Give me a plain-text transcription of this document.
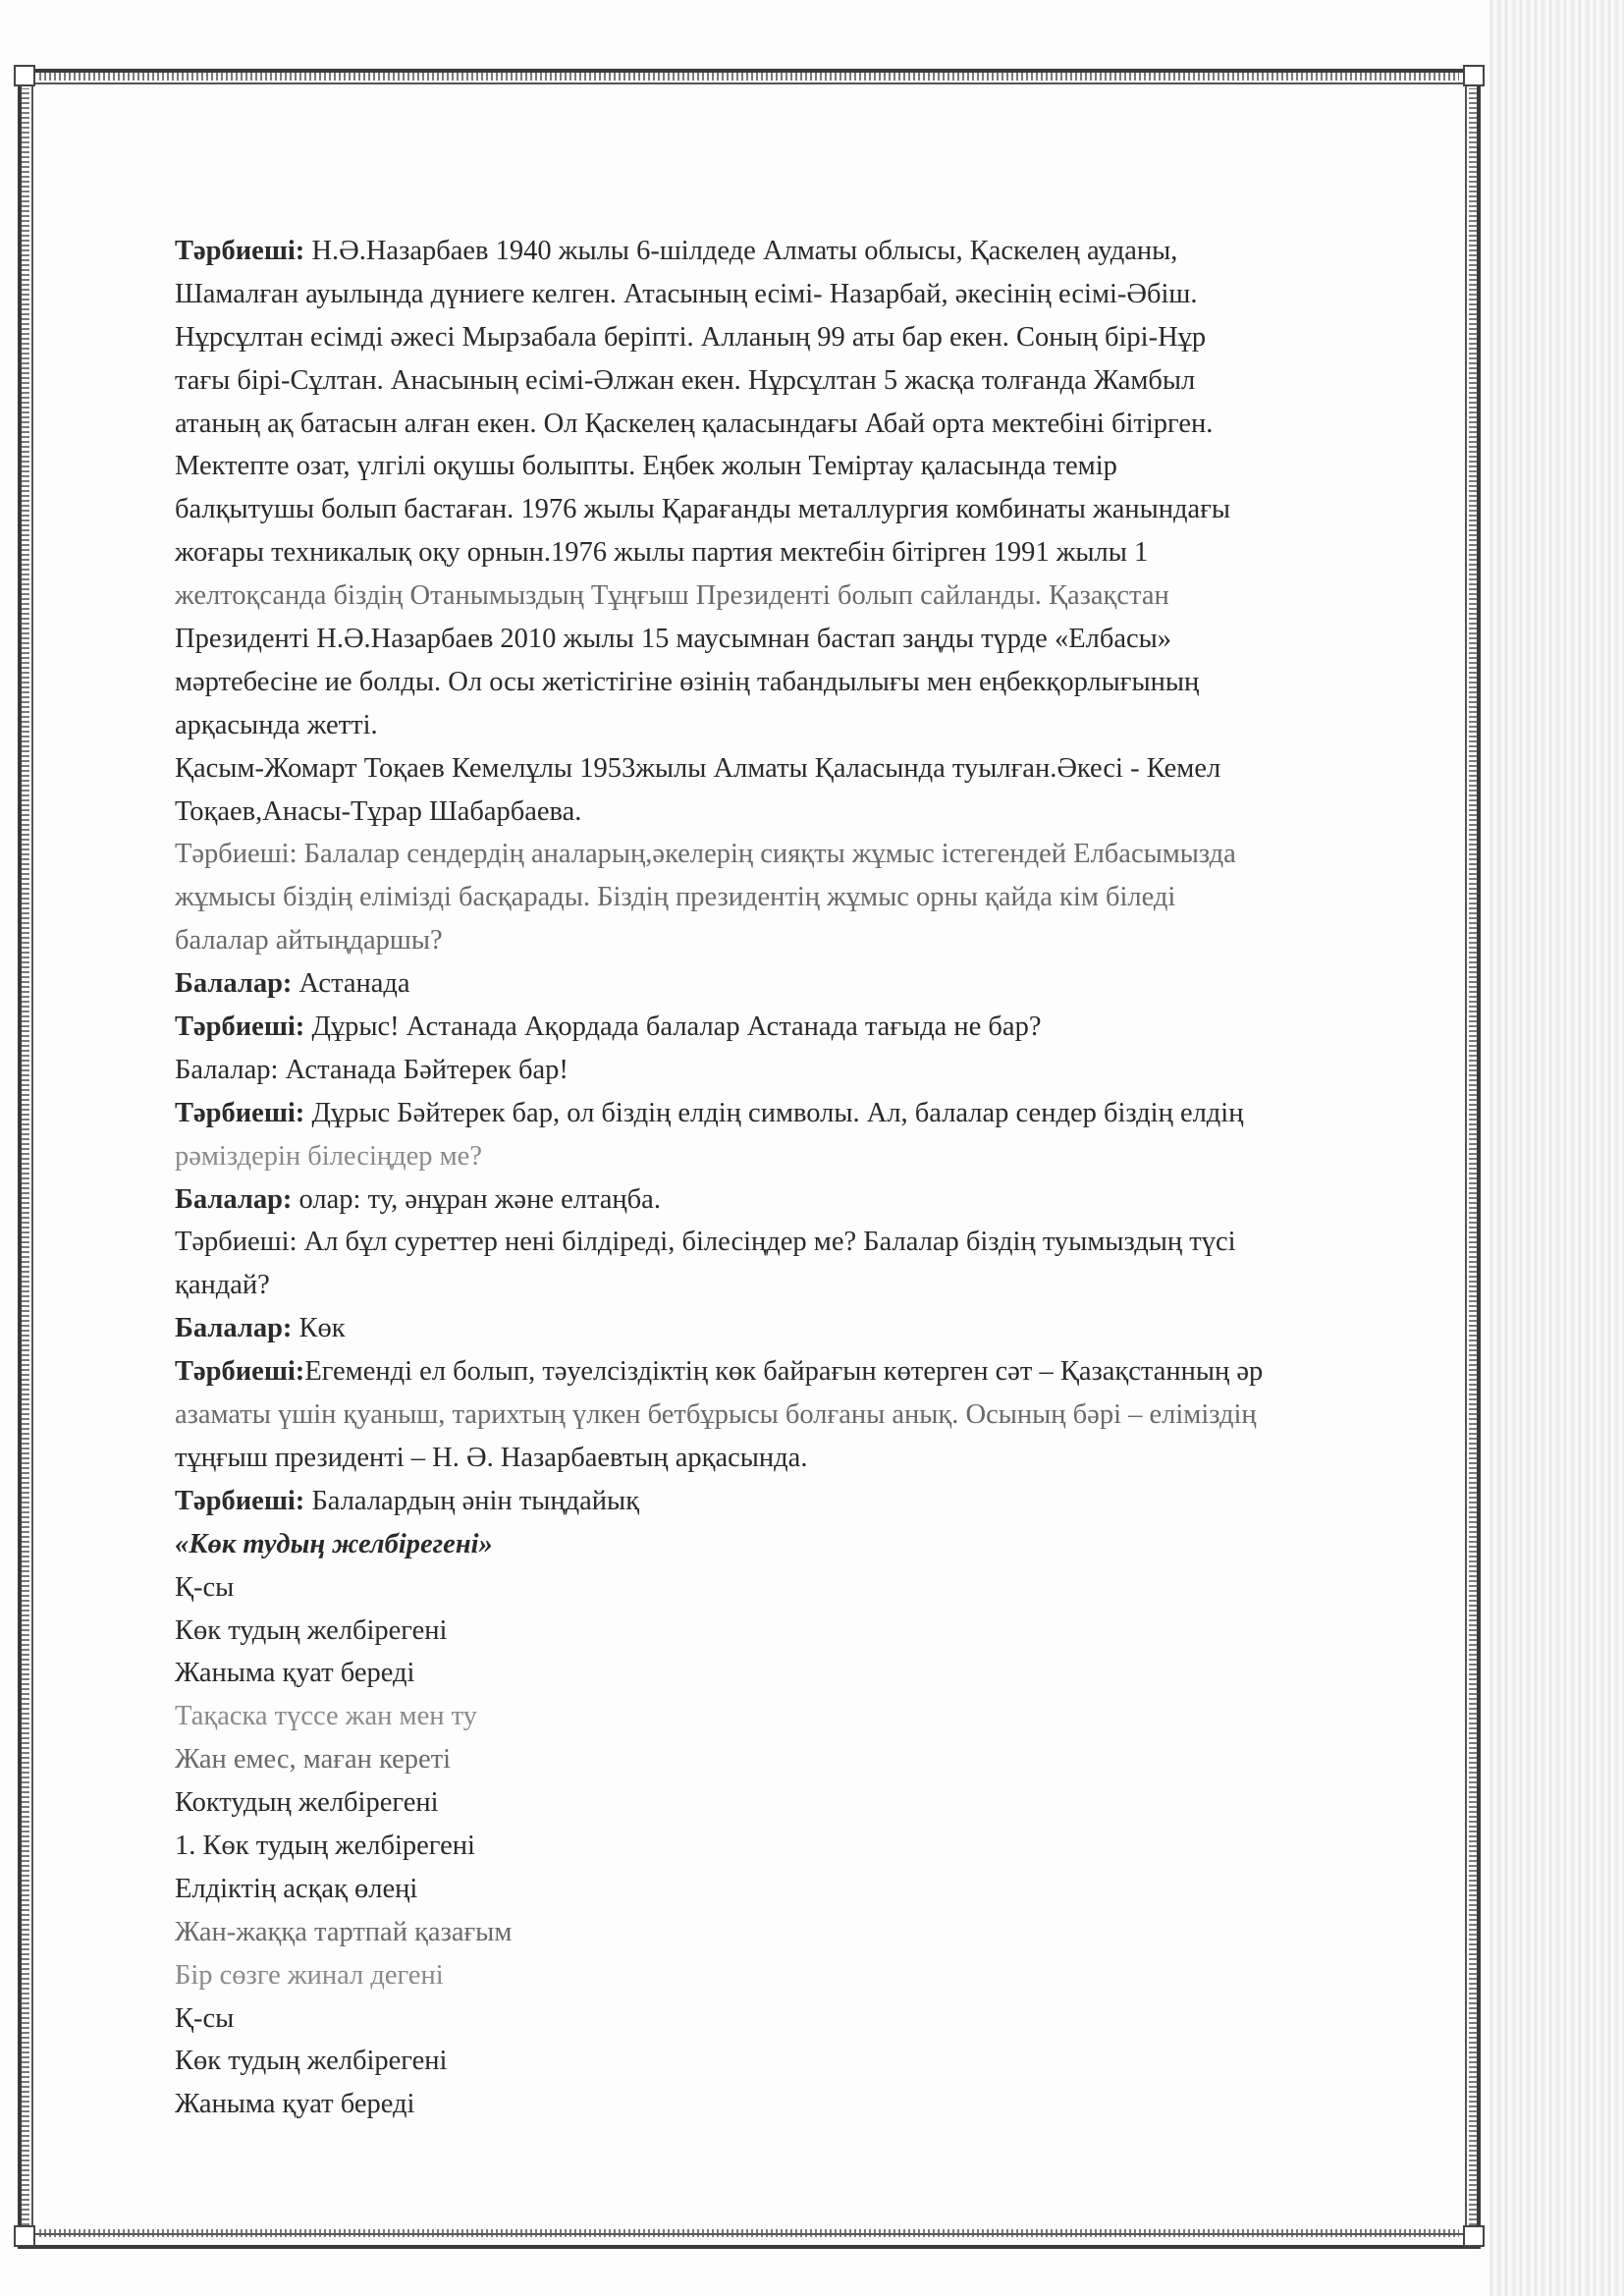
Тәрбиеші: Н.Ә.Назарбаев 1940 жылы 6-шілдеде Алматы облысы, Қаскелең ауданы,
Шамалған ауылында дүниеге келген. Атасының есімі- Назарбай, әкесінің есімі-Әбіш.
Нұрсұлтан есімді әжесі Мырзабала беріпті. Алланың 99 аты бар екен. Соның бірі-Нұр
тағы бірі-Сұлтан. Анасының есімі-Әлжан екен. Нұрсұлтан 5 жасқа толғанда Жамбыл
атаның ақ батасын алған екен. Ол Қаскелең қаласындағы Абай орта мектебіні бітірген.
Мектепте озат, үлгілі оқушы болыпты. Еңбек жолын Теміртау қаласында темір
балқытушы болып бастаған. 1976 жылы Қарағанды металлургия комбинаты жанындағы
жоғары техникалық оқу орнын.1976 жылы партия мектебін бітірген 1991 жылы 1
желтоқсанда біздің Отанымыздың Тұңғыш Президенті болып сайланды. Қазақстан
Президенті Н.Ә.Назарбаев 2010 жылы 15 маусымнан бастап заңды түрде «Елбасы»
мәртебесіне ие болды. Ол осы жетістігіне өзінің табандылығы мен еңбекқорлығының
арқасында жетті.
Қасым-Жомарт Тоқаев Кемелұлы 1953жылы Алматы Қаласында туылған.Әкесі - Кемел
Тоқаев,Анасы-Тұрар Шабарбаева.
Тәрбиеші: Балалар сендердің аналарың,әкелерің сияқты жұмыс істегендей Елбасымызда
жұмысы біздің елімізді басқарады. Біздің президентің жұмыс орны қайда кім біледі
балалар айтыңдаршы?
Балалар: Астанада
Тәрбиеші: Дұрыс! Астанада Ақордада балалар Астанада тағыда не бар?
Балалар: Астанада Бәйтерек бар!
Тәрбиеші: Дұрыс Бәйтерек бар, ол біздің елдің символы. Ал, балалар сендер біздің елдің
рәміздерін білесіңдер ме?
Балалар: олар: ту, әнұран және елтаңба.
Тәрбиеші: Ал бұл суреттер нені білдіреді, білесіңдер ме? Балалар біздің туымыздың түсі
қандай?
Балалар: Көк
Тәрбиеші:Егеменді ел болып, тәуелсіздіктің көк байрағын көтерген сәт – Қазақстанның әр
азаматы үшін қуаныш, тарихтың үлкен бетбұрысы болғаны анық. Осының бәрі – еліміздің
тұңғыш президенті – Н. Ә. Назарбаевтың арқасында.
Тәрбиеші: Балалардың әнін тыңдайық
«Көк тудың желбірегені»
Қ-сы
Көк тудың желбірегені
Жаныма қуат береді
Тақаска түссе жан мен ту
Жан емес, маған кереті
Коктудың желбірегені
1. Көк тудың желбірегені
Елдіктің асқақ өлеңі
Жан-жаққа тартпай қазағым
Бір сөзге жинал дегені
Қ-сы
Көк тудың желбірегені
Жаныма қуат береді
